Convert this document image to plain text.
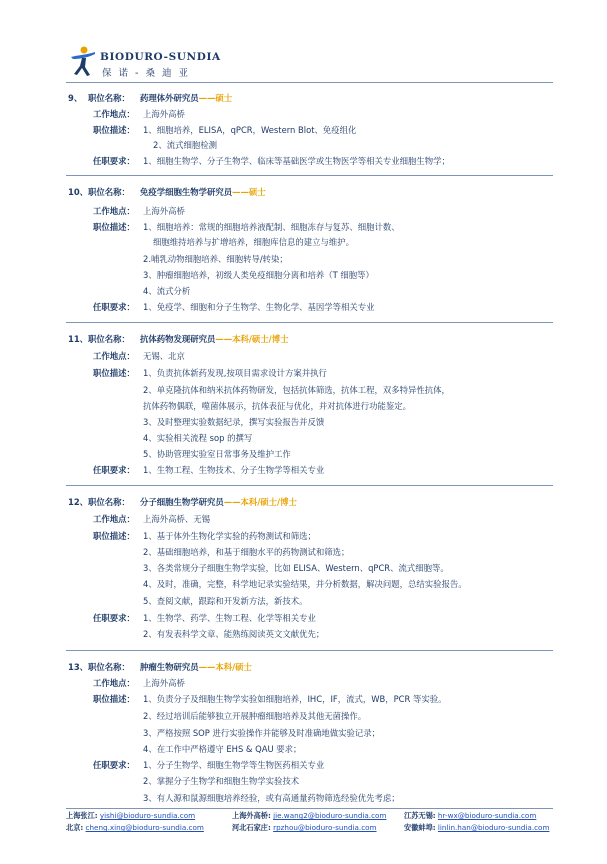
BIODURO-SUNDIA
保 诺 - 桑 迪 亚
9、 职位名称： 药理体外研究员——硕士
工作地点： 上海外高桥
职位描述： 1、细胞培养，ELISA，qPCR，Western Blot、免疫组化
2、流式细胞检测
任职要求： 1、细胞生物学、分子生物学、临床等基础医学或生物医学等相关专业细胞生物学；
10、 职位名称： 免疫学细胞生物学研究员——硕士
工作地点： 上海外高桥
职位描述： 1、细胞培养：常规的细胞培养液配制、细胞冻存与复苏、细胞计数、
细胞维持培养与扩增培养，细胞库信息的建立与维护。
2.哺乳动物细胞培养、细胞转导/转染；
3、肿瘤细胞培养，初级人类免疫细胞分离和培养（T 细胞等）
4、流式分析
任职要求： 1、免疫学、细胞和分子生物学、生物化学、基因学等相关专业
11、 职位名称： 抗体药物发现研究员——本科/硕士/博士
工作地点： 无锡、北京
职位描述： 1、负责抗体新药发现,按项目需求设计方案并执行
2、单克隆抗体和纳米抗体药物研发，包括抗体筛选，抗体工程，双多特异性抗体，
抗体药物偶联，噬菌体展示，抗体表征与优化，并对抗体进行功能鉴定。
3、及时整理实验数据纪录，撰写实验报告并反馈
4、实验相关流程 sop 的撰写
5、协助管理实验室日常事务及维护工作
任职要求： 1、生物工程、生物技术、分子生物学等相关专业
12、 职位名称： 分子细胞生物学研究员——本科/硕士/博士
工作地点： 上海外高桥、无锡
职位描述： 1、基于体外生物化学实验的药物测试和筛选；
2、基础细胞培养，和基于细胞水平的药物测试和筛选；
3、各类常规分子细胞生物学实验，比如 ELISA、Western、qPCR、流式细胞等。
4、及时，准确，完整，科学地记录实验结果，并分析数据，解决问题，总结实验报告。
5、查阅文献，跟踪和开发新方法，新技术。
任职要求： 1、生物学、药学、生物工程、化学等相关专业
2、有发表科学文章、能熟练阅读英文文献优先；
13、 职位名称： 肿瘤生物研究员——本科/硕士
工作地点： 上海外高桥
职位描述： 1、负责分子及细胞生物学实验如细胞培养，IHC，IF，流式，WB，PCR 等实验。
2、经过培训后能够独立开展肿瘤细胞培养及其他无菌操作。
3、严格按照 SOP 进行实验操作并能够及时准确地做实验记录；
4、在工作中严格遵守 EHS & QAU 要求；
任职要求： 1、分子生物学、细胞生物学等生物医药相关专业
2、掌握分子生物学和细胞生物学实验技术
3、有人源和鼠源细胞培养经验，或有高通量药物筛选经验优先考虑；
上海张江: yishi@bioduro-sundia.com	上海外高桥: jie.wang2@bioduro-sundia.com 江苏无锡: hr-wx@bioduro-sundia.com
北京: cheng.xing@bioduro-sundia.com	河北石家庄: rpzhou@bioduro-sundia.com	安徽蚌埠: linlin.han@bioduro-sundia.com
